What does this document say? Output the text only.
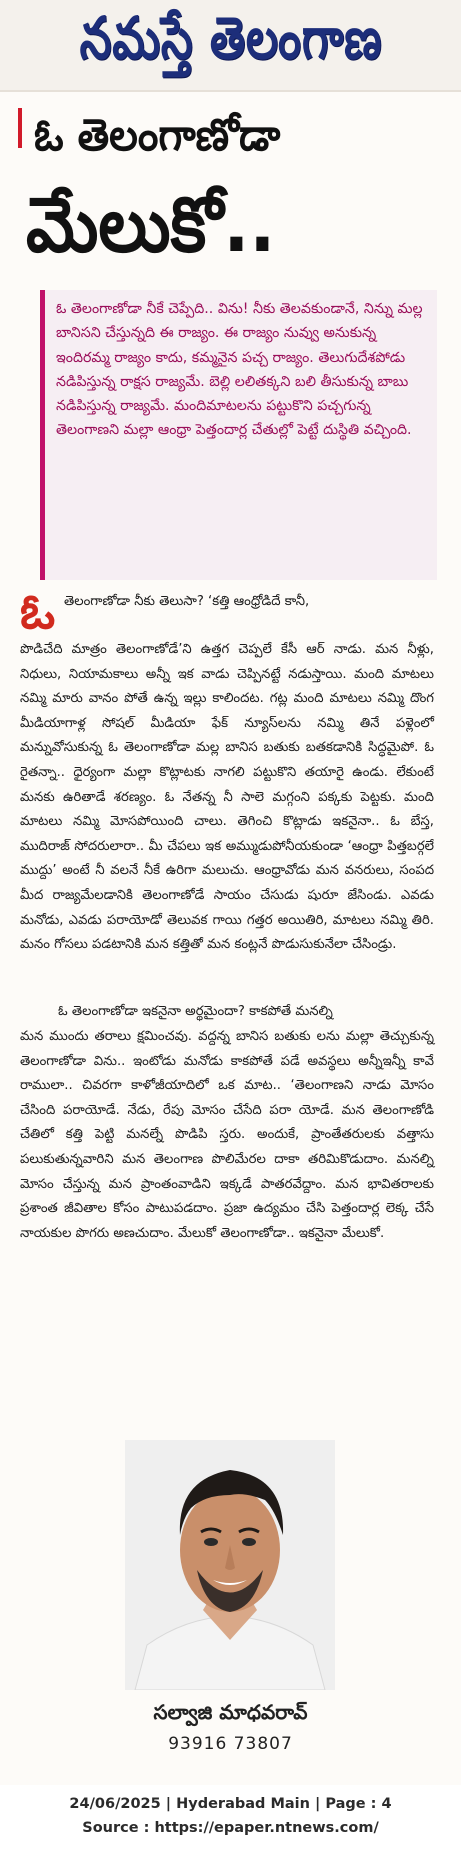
నమస్తే తెలంగాణ
ఓ తెలంగాణోడా
మేలుకో..

ఓ తెలంగాణోడా నీకే చెప్పేది.. విను! నీకు తెలవకుండానే, నిన్ను మల్ల బానిసని చేస్తున్నది ఈ రాజ్యం. ఈ రాజ్యం నువ్వు అనుకున్న ఇందిరమ్మ రాజ్యం కాదు, కమ్మనైన పచ్చ రాజ్యం. తెలుగుదేశపోడు నడిపిస్తున్న రాక్షస రాజ్యమే. బెల్లి లలితక్కని బలి తీసుకున్న బాబు నడిపిస్తున్న రాజ్యమే. మందిమాటలను పట్టుకొని పచ్చగున్న తెలంగాణని మల్లా ఆంధ్రా పెత్తందార్ల చేతుల్లో పెట్టే దుస్థితి వచ్చింది.

ఓ తెలంగాణోడా నీకు తెలుసా? ‘కత్తి ఆంధ్రోడిదే కానీ,

పొడిచేది మాత్రం తెలంగాణోడే’ని ఉత్తగ చెప్పలే కేసీ ఆర్ నాడు. మన నీళ్లు, నిధులు, నియామకాలు అన్నీ ఇక వాడు చెప్పినట్టే నడుస్తాయి. మంది మాటలు నమ్మి మారు వానం పోతే ఉన్న ఇల్లు కాలిందట. గట్ల మంది మాటలు నమ్మి దొంగ మీడియాగాళ్ల సోషల్ మీడియా ఫేక్ న్యూస్‌లను నమ్మి తినే పళ్లెంలో మన్నువోసుకున్న ఓ తెలంగాణోడా మల్ల బానిస బతుకు బతకడానికి సిద్ధమైపో. ఓ రైతన్నా.. ధైర్యంగా మల్లా కొట్లాటకు నాగలి పట్టుకొని తయారై ఉండు. లేకుంటే మనకు ఉరితాడే శరణ్యం. ఓ నేతన్న నీ సాలె మగ్గంని పక్కకు పెట్టకు. మంది మాటలు నమ్మి మోసపోయింది చాలు. తెగించి కొట్లాడు ఇకనైనా.. ఓ బేస్త, ముదిరాజ్ సోదరులారా.. మీ చేపలు ఇక అమ్ముడుపోనీయకుండా ‘ఆంధ్రా పిత్తబర్గలే ముద్దు’ అంటే నీ వలనే నీకే ఉరిగా మలుచు. ఆంధ్రావోడు మన వనరులు, సంపద మీద రాజ్యమేలడానికి తెలంగాణోడే సాయం చేసుడు షురూ జేసిండు. ఎవడు మనోడు, ఎవడు పరాయోడో తెలువక గాయి గత్తర అయితిరి, మాటలు నమ్మి తిరి. మనం గోసలు పడటానికి మన కత్తితో మన కంట్లనే పొడుసుకునేలా చేసిండ్రు.

ఓ తెలంగాణోడా ఇకనైనా అర్థమైందా? కాకపోతే మనల్ని

మన ముందు తరాలు క్షమించవు. వద్దన్న బానిస బతుకు లను మల్లా తెచ్చుకున్న తెలంగాణోడా విను.. ఇంటోడు మనోడు కాకపోతే పడే అవస్థలు అన్నీఇన్నీ కావే రాములా.. చివరగా కాళోజీయాదిలో ఒక మాట.. ‘తెలంగాణని నాడు మోసం చేసింది పరాయోడే. నేడు, రేపు మోసం చేసేది పరా యోడే. మన తెలంగాణోడి చేతిలో కత్తి పెట్టి మనల్నే పొడిపి స్తరు. అందుకే, ప్రాంతేతరులకు వత్తాసు పలుకుతున్నవారిని మన తెలంగాణ పొలిమేరల దాకా తరిమికొడుదాం. మనల్ని మోసం చేస్తున్న మన ప్రాంతంవాడిని ఇక్కడే పాతరవేద్దాం. మన భావితరాలకు ప్రశాంత జీవితాల కోసం పాటుపడదాం. ప్రజా ఉద్యమం చేసి పెత్తందార్ల లెక్క చేసే నాయకుల పొగరు అణచుదాం. మేలుకో తెలంగాణోడా.. ఇకనైనా మేలుకో.

సల్వాజి మాధవరావ్
93916 73807
24/06/2025 | Hyderabad Main | Page : 4
Source : https://epaper.ntnews.com/
